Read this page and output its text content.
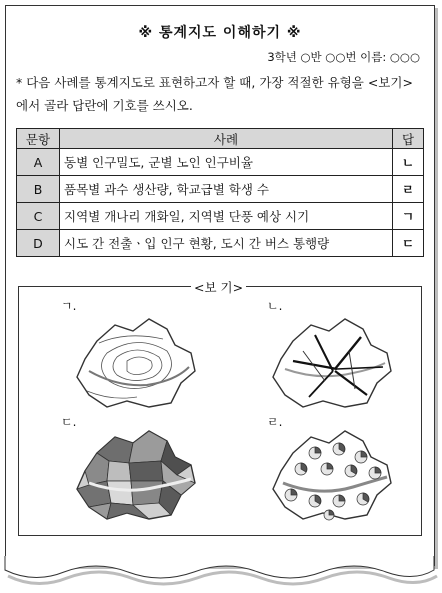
※ 통계지도 이해하기 ※
3학년 ○반 ○○번 이름: ○○○
* 다음 사례를 통계지도로 표현하고자 할 때, 가장 적절한 유형을 <보기>에서 골라 답란에 기호를 쓰시오.
문항	사례	답
A	동별 인구밀도, 군별 노인 인구비율	ㄴ
B	품목별 과수 생산량, 학교급별 학생 수	ㄹ
C	지역별 개나리 개화일, 지역별 단풍 예상 시기	ㄱ
D	시도 간 전출ㆍ입 인구 현황, 도시 간 버스 통행량	ㄷ
<보 기>
ㄱ.	ㄴ.
ㄷ.	ㄹ.
